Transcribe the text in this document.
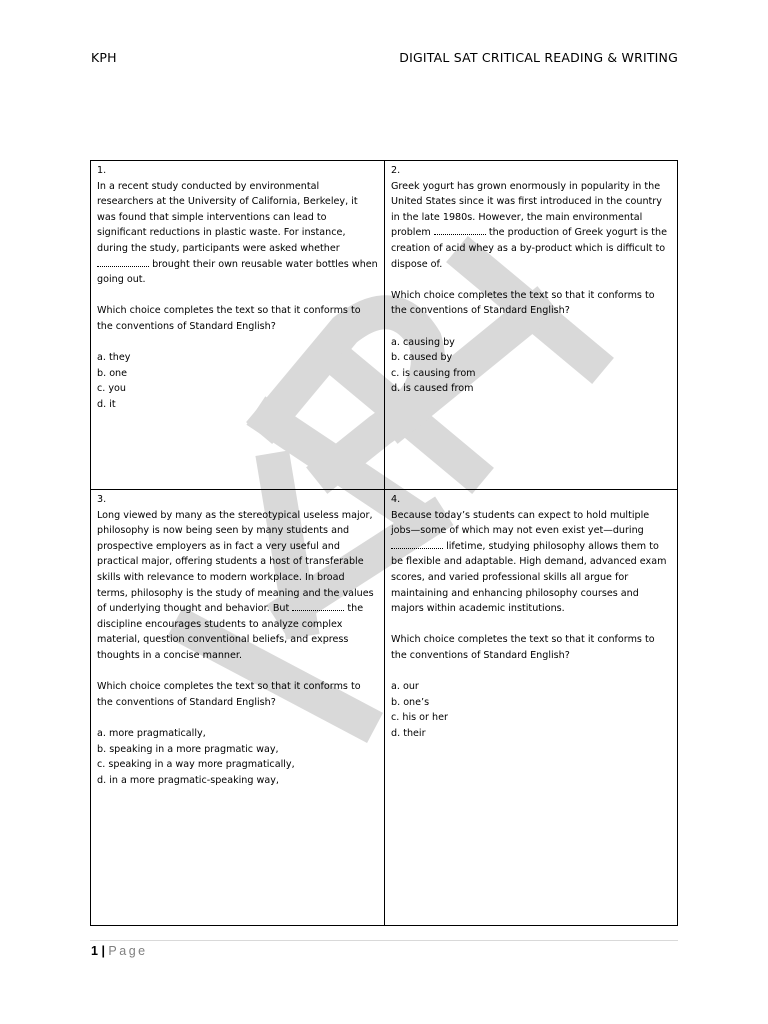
KPH	DIGITAL SAT CRITICAL READING & WRITING

1.

In a recent study conducted by environmental researchers at the University of California, Berkeley, it was found that simple interventions can lead to significant reductions in plastic waste. For instance, during the study, participants were asked whether  brought their own reusable water bottles when going out.

Which choice completes the text so that it conforms to the conventions of Standard English?

a. they

b. one

c. you

d. it

2.

Greek yogurt has grown enormously in popularity in the United States since it was first introduced in the country in the late 1980s. However, the main environmental problem	the production of Greek yogurt is the creation of acid whey as a by-product which is difficult to dispose of.

Which choice completes the text so that it conforms to the conventions of Standard English?

a. causing by

b. caused by

c. is causing from

d. is caused from

3.

Long viewed by many as the stereotypical useless major, philosophy is now being seen by many students and prospective employers as in fact a very useful and practical major, offering students a host of transferable skills with relevance to modern workplace. In broad terms, philosophy is the study of meaning and the values of underlying thought and behavior. But	the discipline encourages students to analyze complex material, question conventional beliefs, and express thoughts in a concise manner.

Which choice completes the text so that it conforms to the conventions of Standard English?

a. more pragmatically,

b. speaking in a more pragmatic way,

c. speaking in a way more pragmatically,

d. in a more pragmatic-speaking way,

4.

Because today’s students can expect to hold multiple jobs—some of which may not even exist yet—during  lifetime, studying philosophy allows them to be flexible and adaptable. High demand, advanced exam scores, and varied professional skills all argue for maintaining and enhancing philosophy courses and majors within academic institutions.

Which choice completes the text so that it conforms to the conventions of Standard English?

a. our

b. one’s

c. his or her

d. their

1 | Page
